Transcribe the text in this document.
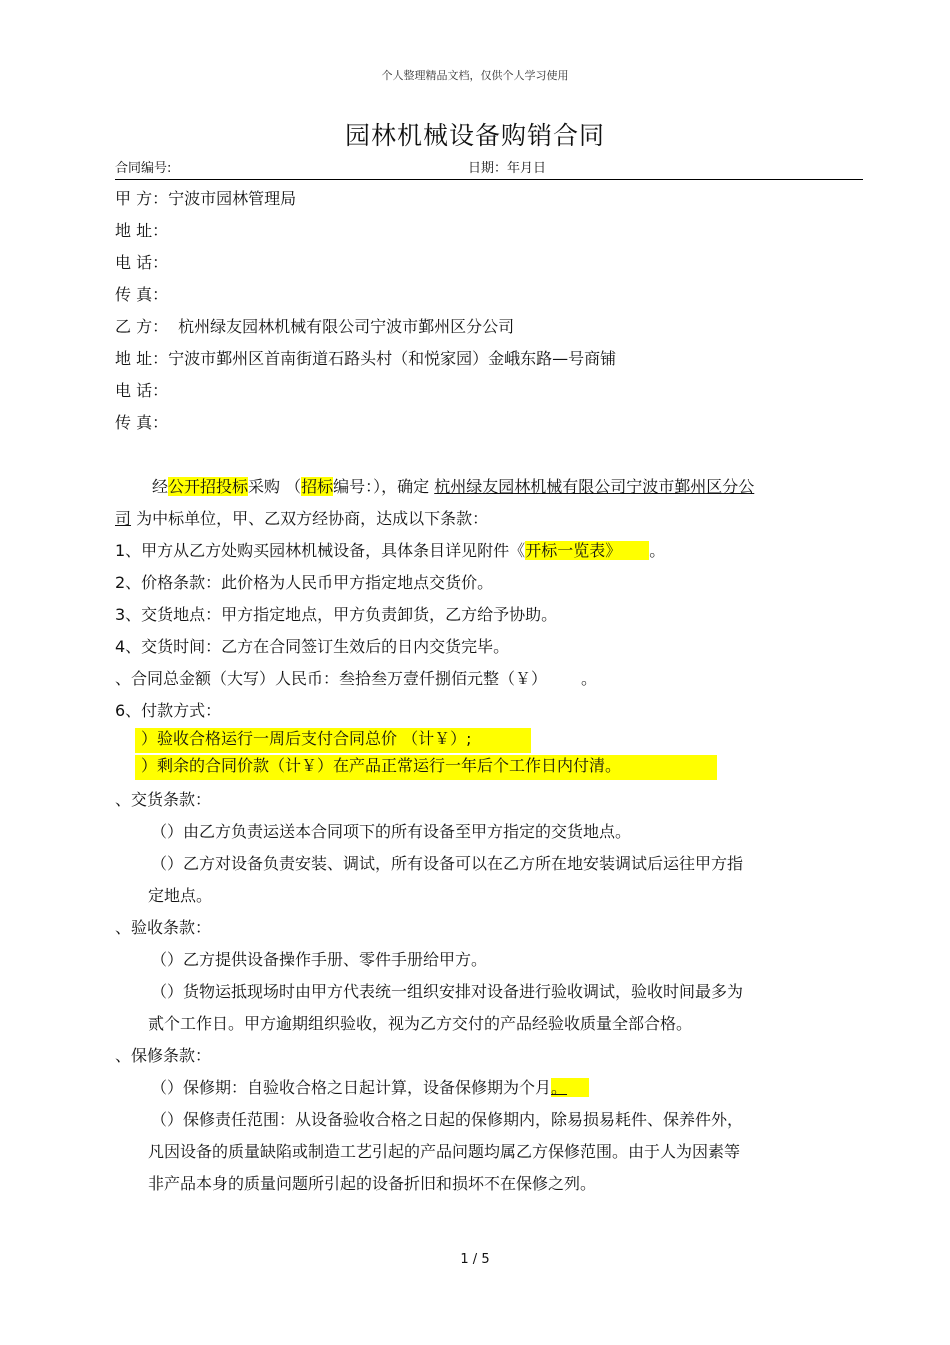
个人整理精品文档，仅供个人学习使用
园林机械设备购销合同
合同编号:	日期：年月日
甲 方：宁波市园林管理局
地 址：
电 话：
传 真：
乙 方： 杭州绿友园林机械有限公司宁波市鄞州区分公司
地 址：宁波市鄞州区首南街道石路头村（和悦家园）金峨东路—号商铺
电 话：
传 真：
经公开招投标采购 （招标编号：），确定 杭州绿友园林机械有限公司宁波市鄞州区分公
司 为中标单位，甲、乙双方经协商，达成以下条款：
1、甲方从乙方处购买园林机械设备，具体条目详见附件《开标一览表》 。
2、价格条款：此价格为人民币甲方指定地点交货价。
3、交货地点：甲方指定地点，甲方负责卸货，乙方给予协助。
4、交货时间：乙方在合同签订生效后的日内交货完毕。
、合同总金额（大写）人民币：叁拾叁万壹仟捌佰元整（￥） 。
6、付款方式：
）验收合格运行一周后支付合同总价 （计￥）;
）剩余的合同价款（计￥）在产品正常运行一年后个工作日内付清。
、交货条款：
（）由乙方负责运送本合同项下的所有设备至甲方指定的交货地点。
（）乙方对设备负责安装、调试，所有设备可以在乙方所在地安装调试后运往甲方指
定地点。
、验收条款：
（）乙方提供设备操作手册、零件手册给甲方。
（）货物运抵现场时由甲方代表统一组织安排对设备进行验收调试，验收时间最多为
贰个工作日。甲方逾期组织验收，视为乙方交付的产品经验收质量全部合格。
、保修条款：
（）保修期：自验收合格之日起计算，设备保修期为个月。
（）保修责任范围：从设备验收合格之日起的保修期内，除易损易耗件、保养件外，
凡因设备的质量缺陷或制造工艺引起的产品问题均属乙方保修范围。由于人为因素等
非产品本身的质量问题所引起的设备折旧和损坏不在保修之列。
1 / 5
